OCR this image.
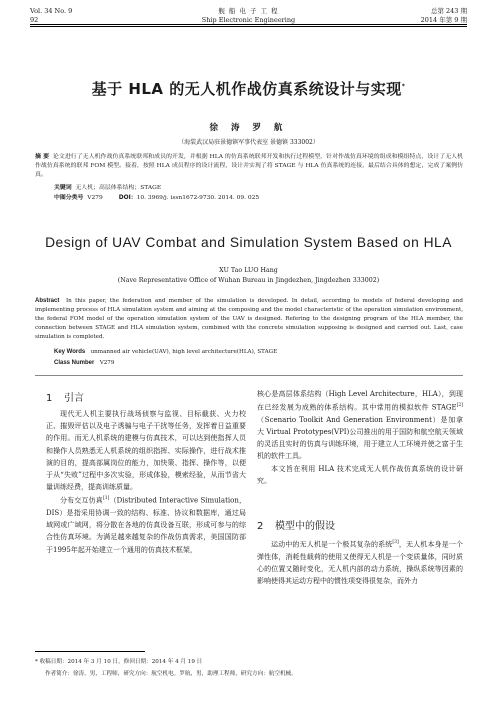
Vol. 34 No. 9
92
舰 船 电 子 工 程
Ship Electronic Engineering
总第 243 期
2014 年第 9 期
基于 HLA 的无人机作战仿真系统设计与实现*
徐 涛 罗 航
（海装武汉局驻景德镇军事代表室 景德镇 333002）
摘 要 论文进行了无人机作战仿真系统联邦和成员的开发，并根据 HLA 的仿真系统联邦开发和执行过程模型，针对作战仿真环境的组成和模组特点，设计了无人机作战仿真系统的联邦 FOM 模型。接着，按照 HLA 成员程序的设计流程，设计并实现了将 STAGE 与 HLA 仿真系统的连接，最后结合具体的想定，完成了案例仿真。
关键词 无人机；高层体系结构；STAGE
中图分类号 V279	DOI：10. 3969/j. issn1672-9730. 2014. 09. 025
Design of UAV Combat and Simulation System Based on HLA
XU Tao LUO Hang
(Nave Representative Office of Wuhan Bureau in Jingdezhen, Jingdezhen 333002)
Abstract In this paper, the federation and member of the simulation is developed. In detail, according to models of federal developing and implementing process of HLA simulation system and aiming at the composing and the model characteristic of the operation simulation environment, the federal FOM model of the operation simulation system of the UAV is designed. Refering to the designing program of the HLA member, the connection between STAGE and HLA simulation system, combined with the concrete simulation supposing is designed and carried out. Last, case simulation is completed.
Key Words unmanned air vehicle(UAV), high level architecture(HLA), STAGE
Class Number V279
1 引言

现代无人机主要执行战场侦察与监视、目标截获、火力校正、摧毁评估以及电子诱骗与电子干扰等任务，发挥着日益重要的作用。而无人机系统的建模与仿真技术，可以达到使指挥人员和操作人员熟悉无人机系统的组织指挥、实际操作，进行战术推演的目的，提高部属岗位的能力，加快策、指挥、操作等，以便于从“失败”过程中多次实验，形成体验，模索经验，从而节省大量训练经费，提高训练质量。

分布交互仿真[1]（Distributed Interactive Simulation，DIS）是指采用协调一致的结构、标准、协议和数据库，通过局域网或广域网，将分散在各地的仿真设备互联，形成可参与的综合性仿真环境。为满足越来越复杂的作战仿真需求，美国国防部于1995年起开始建立一个通用的仿真技术框架，

核心是高层体系结构（High Level Architecture，HLA），到现在已经发展为成熟的体系结构。其中常用的模拟软件 STAGE[2]（Scenario Toolkit And Generation Environment）是加拿大 Virtual Prototypes(VPI)公司推出的用于国防和航空航天领域的灵活且实时的仿真与训练环境，用于建立人工环境并使之富于生机的软件工具。

本文旨在利用 HLA 技术完成无人机作战仿真系统的设计研究。

2 模型中的假设

运动中的无人机是一个极其复杂的系统[3]，无人机本身是一个弹性体，消耗性载荷的使用又使得无人机是一个变质量体，同时质心的位置又随时变化，无人机内部的动力系统，操纵系统等因素的影响使得其运动方程中的惯性项变得很复杂，而外力

* 收稿日期：2014 年 3 月 10 日，修回日期：2014 年 4 月 19 日
作者简介：徐涛，男，工程师，研究方向：航空机电。罗航，男，助理工程师，研究方向：航空机械。
